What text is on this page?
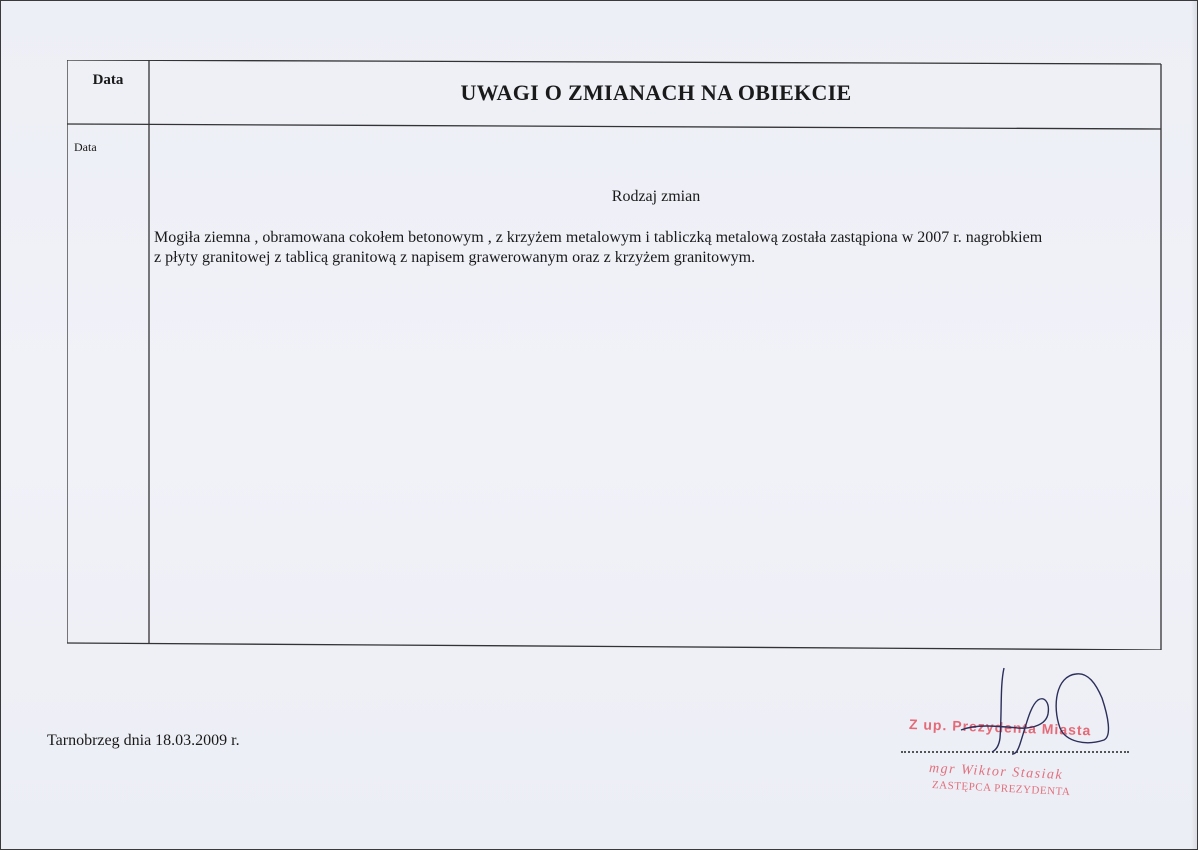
Data	UWAGI O ZMIANACH NA OBIEKCIE
Data
Rodzaj zmian

Mogiła ziemna , obramowana cokołem betonowym , z krzyżem metalowym i tabliczką metalową została zastąpiona w 2007 r. nagrobkiem

z płyty granitowej z tablicą granitową z napisem grawerowanym oraz z krzyżem granitowym.

Tarnobrzeg dnia 18.03.2009 r.
Z up. Prezydenta Miasta
mgr Wiktor Stasiak
ZASTĘPCA PREZYDENTA
